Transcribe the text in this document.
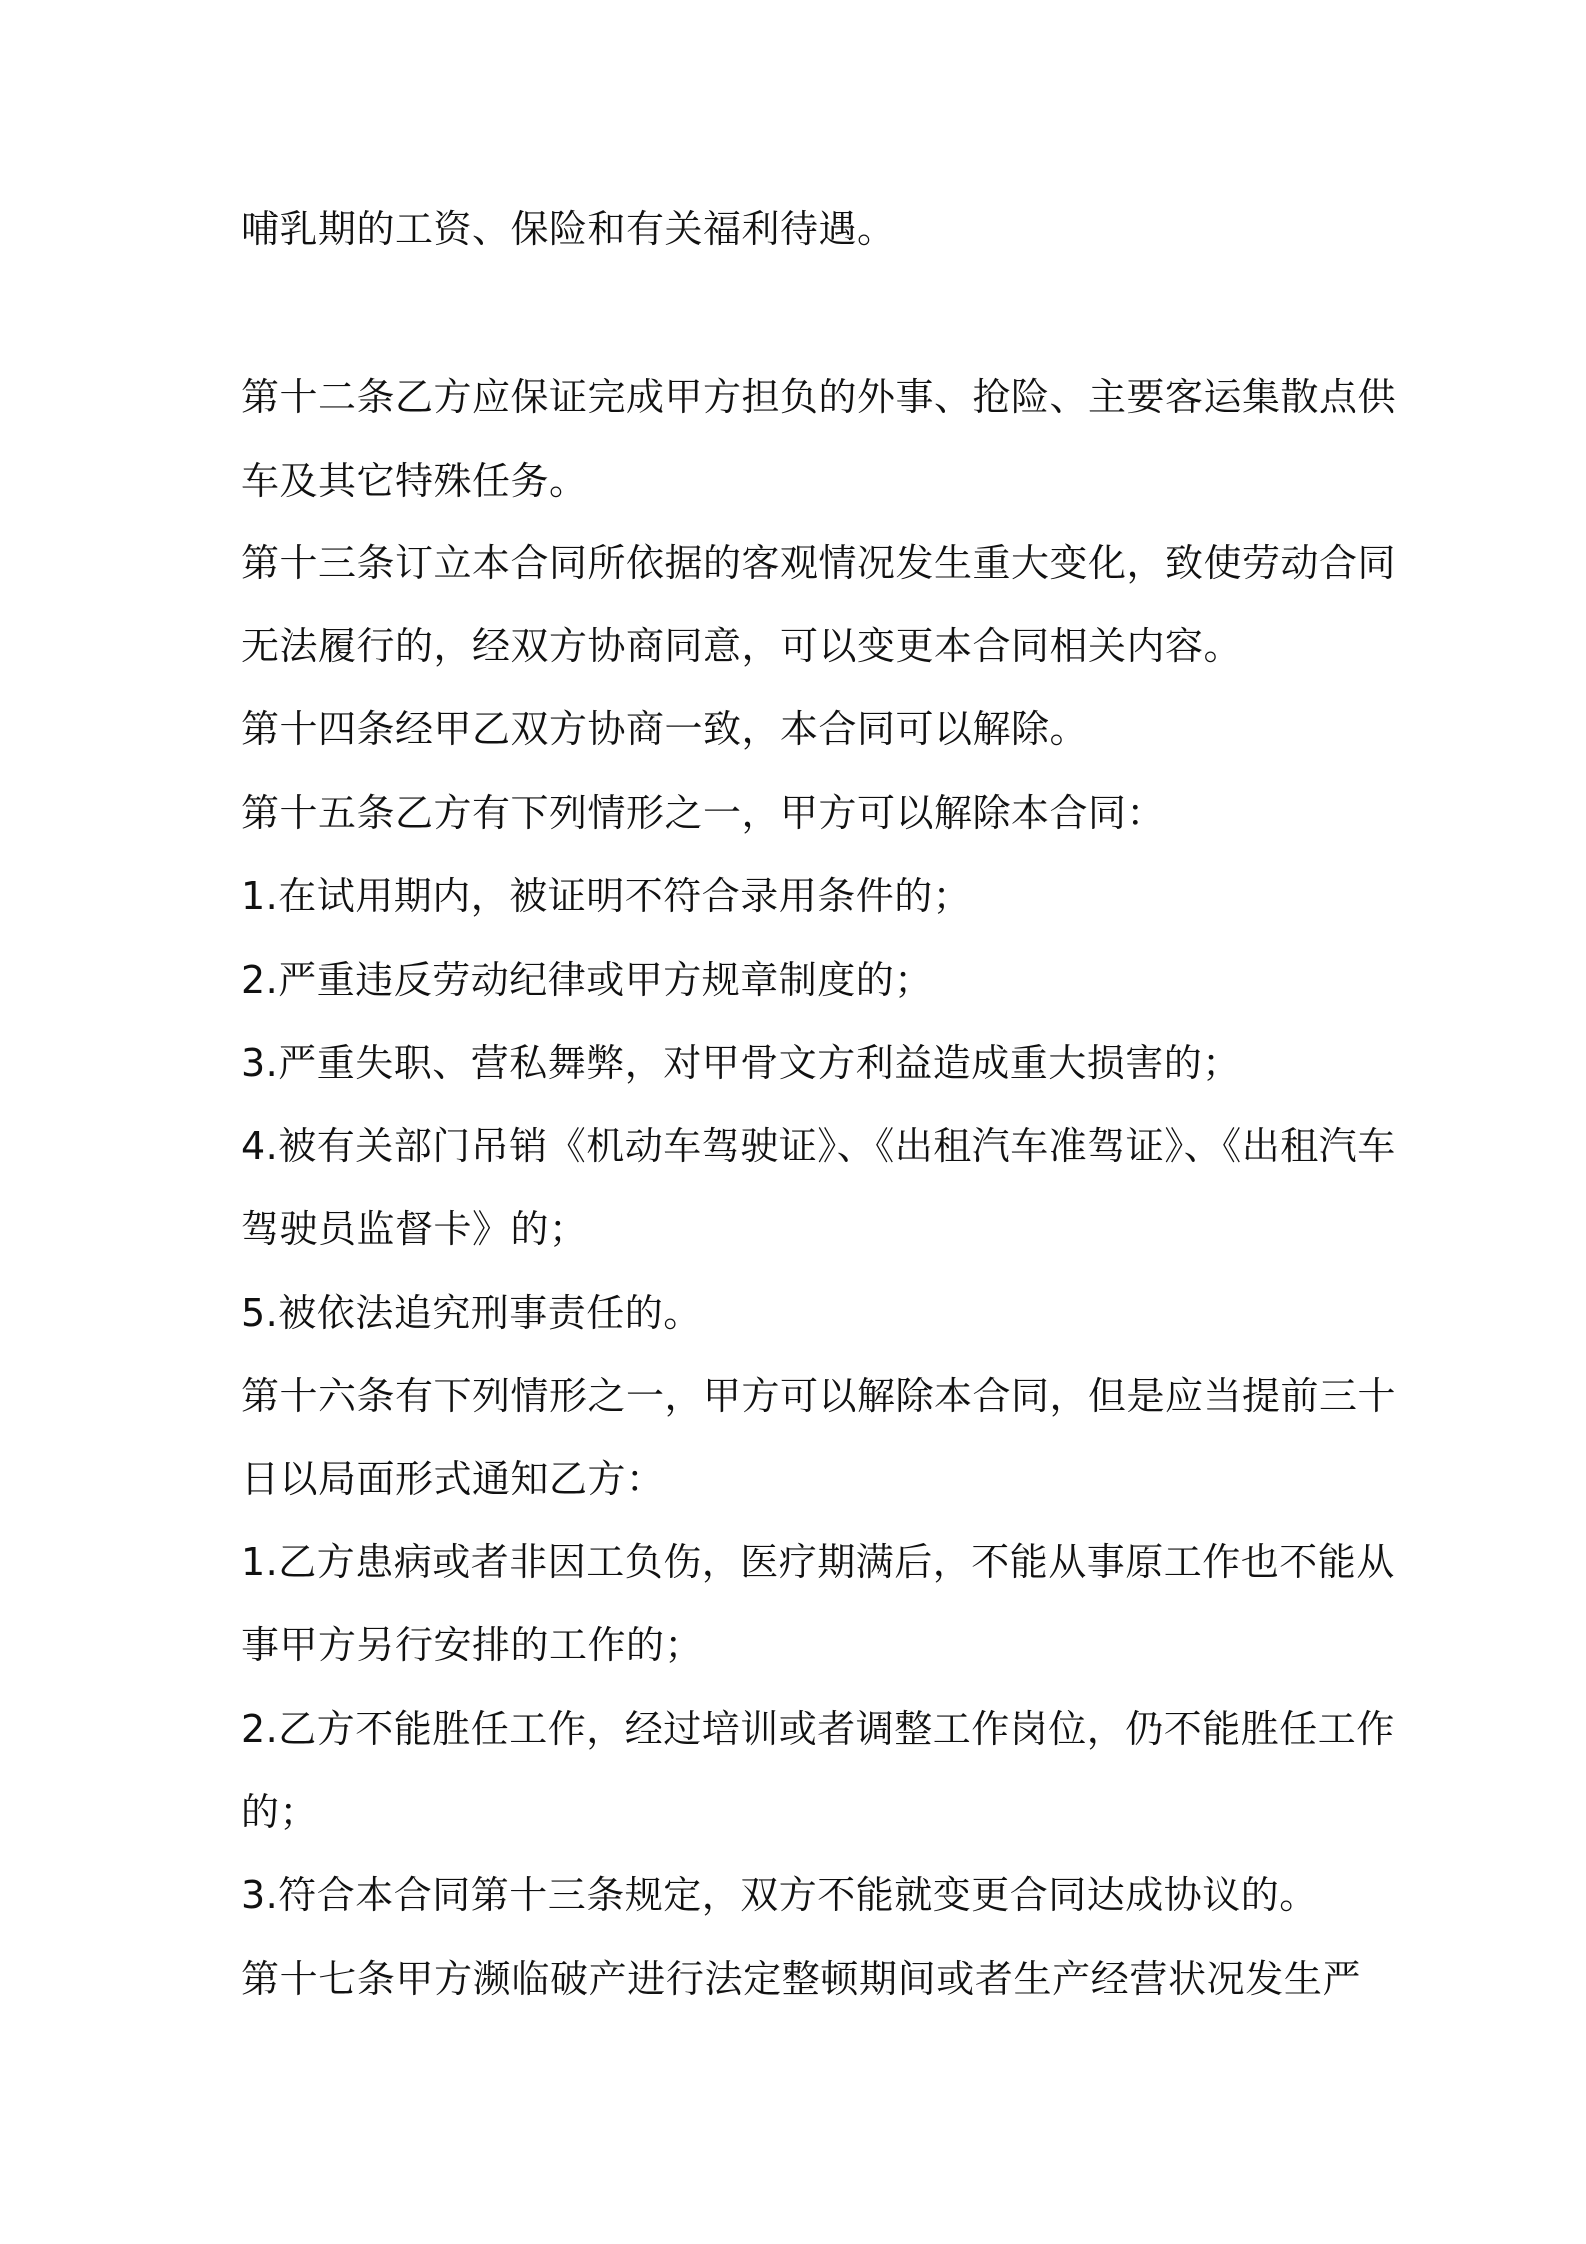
哺乳期的工资、保险和有关福利待遇。
第十二条乙方应保证完成甲方担负的外事、抢险、主要客运集散点供
车及其它特殊任务。
第十三条订立本合同所依据的客观情况发生重大变化，致使劳动合同
无法履行的，经双方协商同意，可以变更本合同相关内容。
第十四条经甲乙双方协商一致，本合同可以解除。
第十五条乙方有下列情形之一，甲方可以解除本合同：
1.在试用期内，被证明不符合录用条件的；
2.严重违反劳动纪律或甲方规章制度的；
3.严重失职、营私舞弊，对甲骨文方利益造成重大损害的；
4.被有关部门吊销《机动车驾驶证》、《出租汽车准驾证》、《出租汽车
驾驶员监督卡》的；
5.被依法追究刑事责任的。
第十六条有下列情形之一，甲方可以解除本合同，但是应当提前三十
日以局面形式通知乙方：
1.乙方患病或者非因工负伤，医疗期满后，不能从事原工作也不能从
事甲方另行安排的工作的；
2.乙方不能胜任工作，经过培训或者调整工作岗位，仍不能胜任工作
的；
3.符合本合同第十三条规定，双方不能就变更合同达成协议的。
第十七条甲方濒临破产进行法定整顿期间或者生产经营状况发生严
